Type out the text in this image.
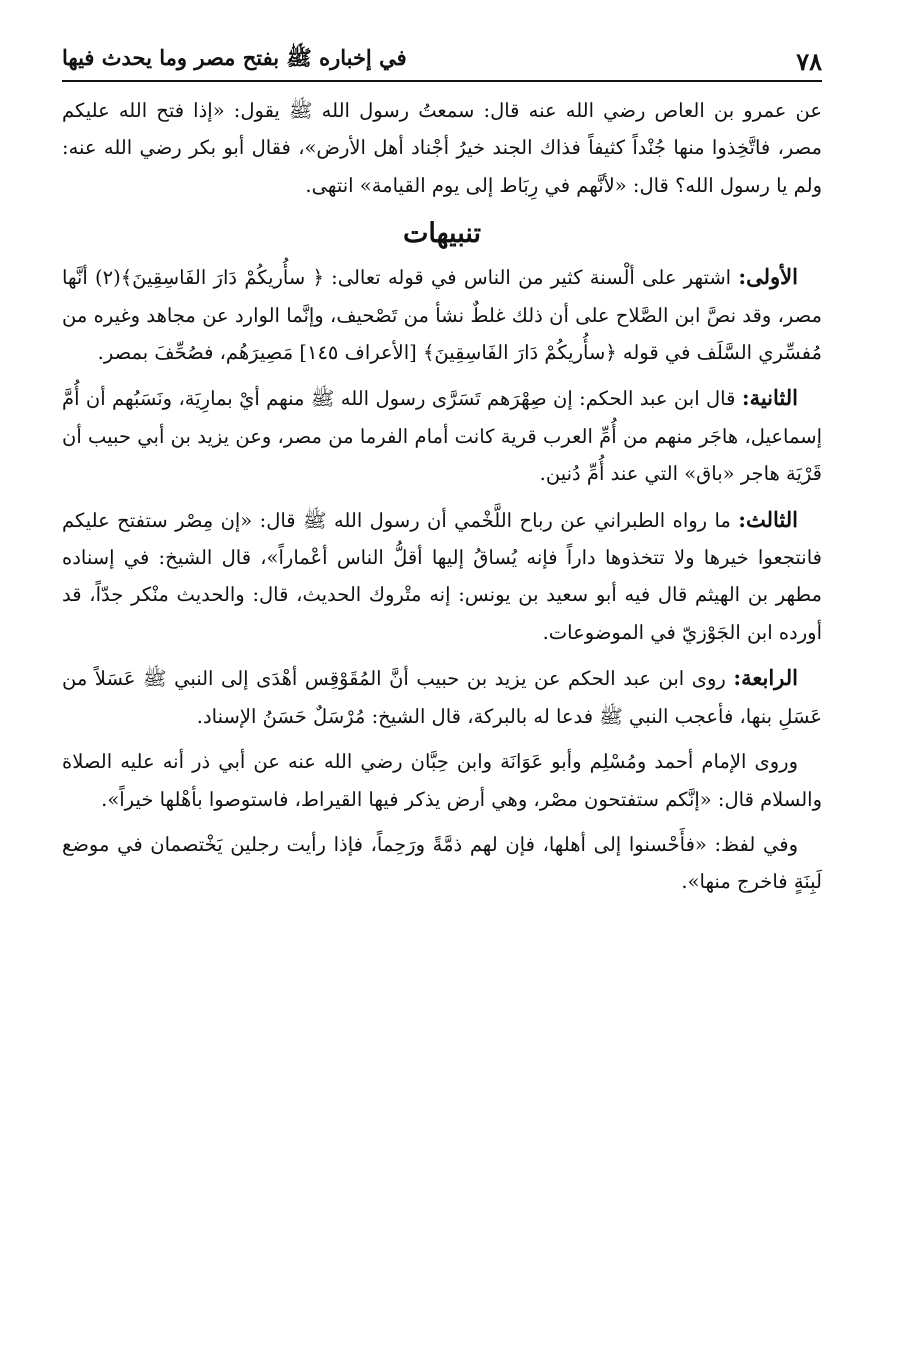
٧٨
في إخباره ﷺ بفتح مصر وما يحدث فيها

عن عمرو بن العاص رضي الله عنه قال: سمعتُ رسول الله ﷺ يقول: «إذا فتح الله عليكم مصر، فاتَّخِذوا منها جُنْداً كثيفاً فذاك الجند خيرُ أجْناد أهل الأرض»، فقال أبو بكر رضي الله عنه: ولم يا رسول الله؟ قال: «لأنَّهم في رِبَاط إلى يوم القيامة» انتهى.

تنبيهات

الأولى: اشتهر على ألْسنة كثير من الناس في قوله تعالى: ﴿ سأُريكُمْ دَارَ الفَاسِقِينَ﴾(٢) أنَّها مصر، وقد نصَّ ابن الصَّلاح على أن ذلك غلطٌ نشأ من تَصْحيف، وإنَّما الوارد عن مجاهد وغيره من مُفسِّري السَّلَف في قوله ﴿سأُريكُمْ دَارَ الفَاسِقِينَ﴾ [الأعراف ١٤٥] مَصِيرَهُم، فصُحِّفَ بمصر.

الثانية: قال ابن عبد الحكم: إن صِهْرَهم تَسَرَّى رسول الله ﷺ منهم أيْ بمارِيَة، ونَسَبُهم أن أُمَّ إسماعيل، هاجَر منهم من أُمِّ العرب قرية كانت أمام الفرما من مصر، وعن يزيد بن أبي حبيب أن قَرْيَة هاجر «باق» التي عند أُمِّ دُنين.

الثالث: ما رواه الطبراني عن رباح اللَّخْمي أن رسول الله ﷺ قال: «إن مِصْر ستفتح عليكم فانتجعوا خيرها ولا تتخذوها داراً فإنه يُساقُ إليها أقلُّ الناس أعْماراً»، قال الشيخ: في إسناده مطهر بن الهيثم قال فيه أبو سعيد بن يونس: إنه متْروك الحديث، قال: والحديث منْكر جدّاً، قد أورده ابن الجَوْزيّ في الموضوعات.

الرابعة: روى ابن عبد الحكم عن يزيد بن حبيب أنَّ المُقَوْقِس أهْدَى إلى النبي ﷺ عَسَلاً من عَسَلِ بنها، فأعجب النبي ﷺ فدعا له بالبركة، قال الشيخ: مُرْسَلٌ حَسَنُ الإسناد.

وروى الإمام أحمد ومُسْلِم وأبو عَوَانَة وابن حِبَّان رضي الله عنه عن أبي ذر أنه عليه الصلاة والسلام قال: «إنَّكم ستفتحون مصْر، وهي أرض يذكر فيها القيراط، فاستوصوا بأهْلها خيراً».

وفي لفظ: «فأَحْسنوا إلى أهلها، فإن لهم ذمَّةً ورَحِماً، فإذا رأيت رجلين يَخْتصمان في موضع لَبِنَةٍ فاخرج منها».
